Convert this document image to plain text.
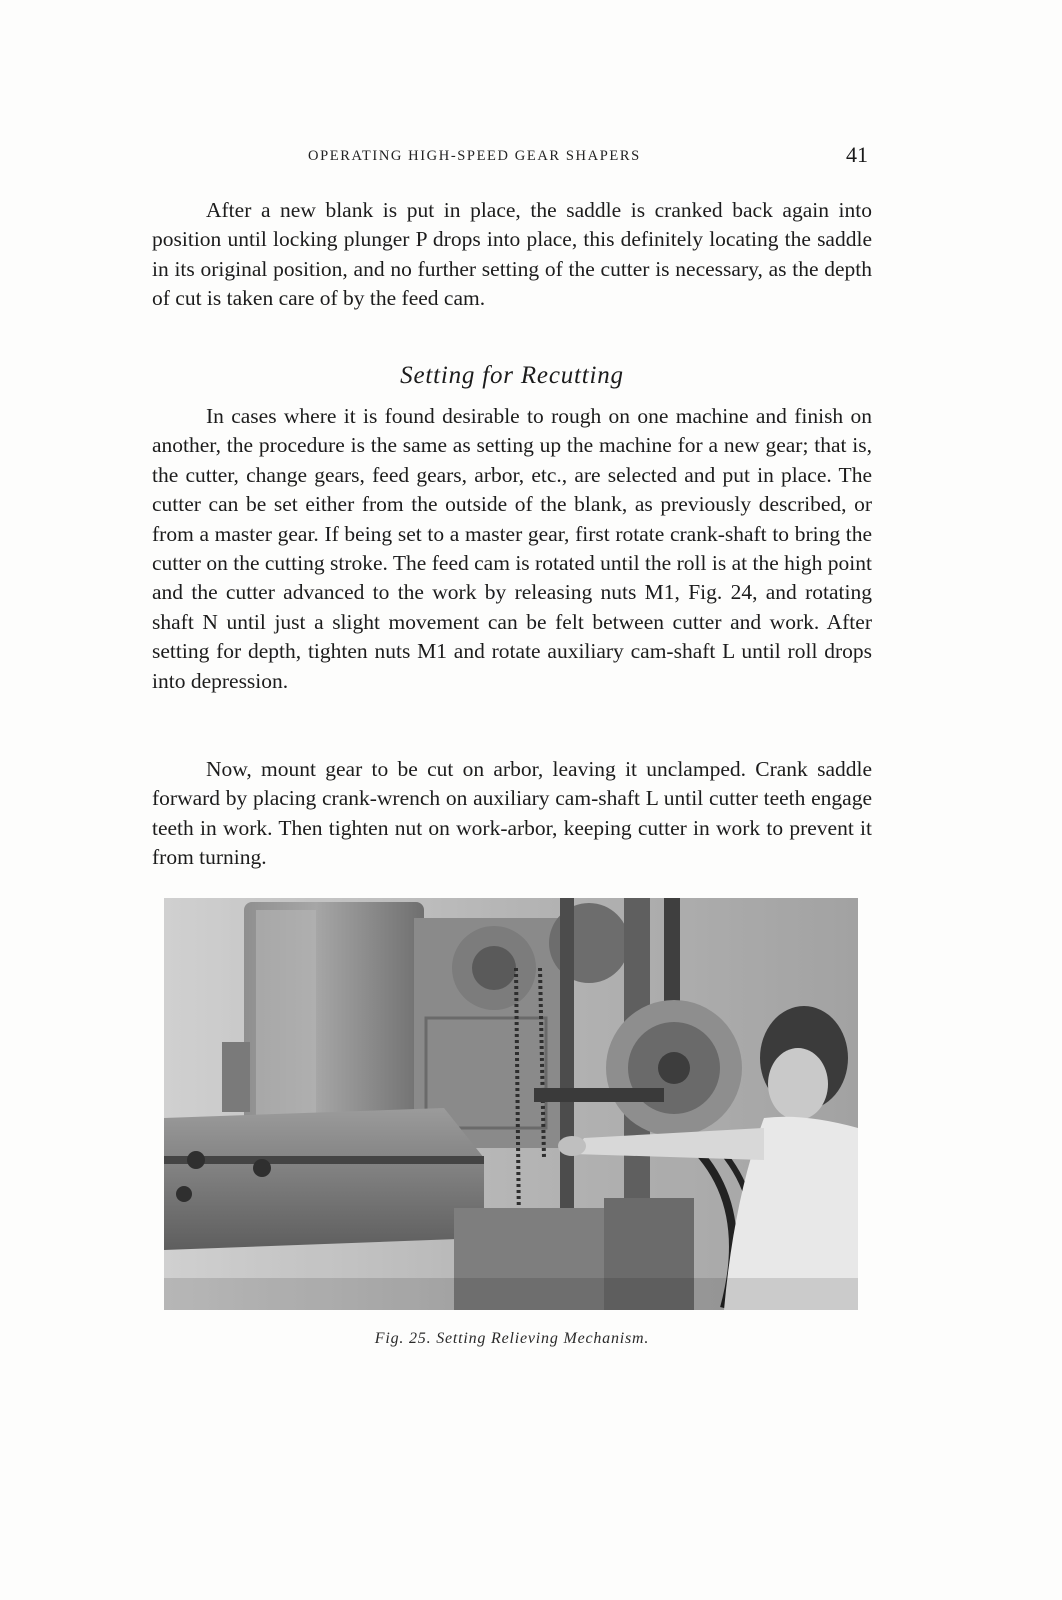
OPERATING HIGH-SPEED GEAR SHAPERS	41

After a new blank is put in place, the saddle is cranked back again into position until locking plunger P drops into place, this definitely locating the saddle in its original position, and no further setting of the cutter is necessary, as the depth of cut is taken care of by the feed cam.

Setting for Recutting

In cases where it is found desirable to rough on one machine and finish on another, the procedure is the same as setting up the machine for a new gear; that is, the cutter, change gears, feed gears, arbor, etc., are selected and put in place. The cutter can be set either from the outside of the blank, as previously described, or from a master gear. If being set to a master gear, first rotate crank-shaft to bring the cutter on the cutting stroke. The feed cam is rotated until the roll is at the high point and the cutter advanced to the work by releasing nuts M1, Fig. 24, and rotating shaft N until just a slight movement can be felt between cutter and work. After setting for depth, tighten nuts M1 and rotate auxiliary cam-shaft L until roll drops into depression.

Now, mount gear to be cut on arbor, leaving it unclamped. Crank saddle forward by placing crank-wrench on auxiliary cam-shaft L until cutter teeth engage teeth in work. Then tighten nut on work-arbor, keeping cutter in work to prevent it from turning.

Fig. 25. Setting Relieving Mechanism.
